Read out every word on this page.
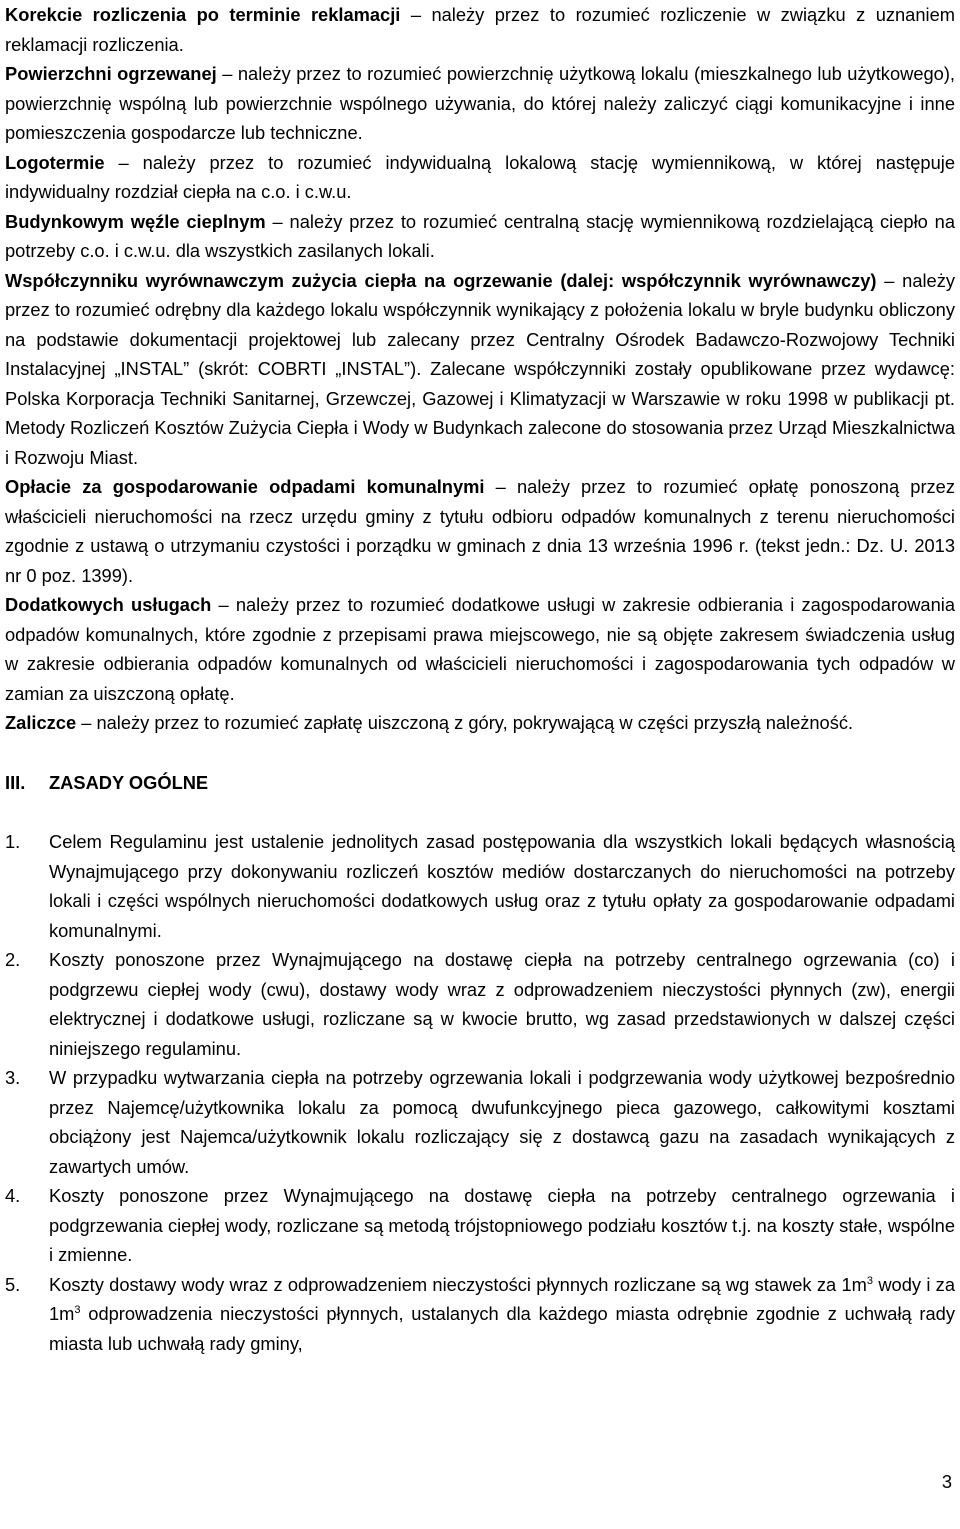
Korekcie rozliczenia po terminie reklamacji – należy przez to rozumieć rozliczenie w związku z uznaniem reklamacji rozliczenia.

Powierzchni ogrzewanej – należy przez to rozumieć powierzchnię użytkową lokalu (mieszkalnego lub użytkowego), powierzchnię wspólną lub powierzchnie wspólnego używania, do której należy zaliczyć ciągi komunikacyjne i inne pomieszczenia gospodarcze lub techniczne.

Logotermie – należy przez to rozumieć indywidualną lokalową stację wymiennikową, w której następuje indywidualny rozdział ciepła na c.o. i c.w.u.

Budynkowym węźle cieplnym – należy przez to rozumieć centralną stację wymiennikową rozdzielającą ciepło na potrzeby c.o. i c.w.u. dla wszystkich zasilanych lokali.

Współczynniku wyrównawczym zużycia ciepła na ogrzewanie (dalej: współczynnik wyrównawczy) – należy przez to rozumieć odrębny dla każdego lokalu współczynnik wynikający z położenia lokalu w bryle budynku obliczony na podstawie dokumentacji projektowej lub zalecany przez Centralny Ośrodek Badawczo-Rozwojowy Techniki Instalacyjnej „INSTAL” (skrót: COBRTI „INSTAL”). Zalecane współczynniki zostały opublikowane przez wydawcę: Polska Korporacja Techniki Sanitarnej, Grzewczej, Gazowej i Klimatyzacji w Warszawie w roku 1998 w publikacji pt. Metody Rozliczeń Kosztów Zużycia Ciepła i Wody w Budynkach zalecone do stosowania przez Urząd Mieszkalnictwa i Rozwoju Miast.

Opłacie za gospodarowanie odpadami komunalnymi – należy przez to rozumieć opłatę ponoszoną przez właścicieli nieruchomości na rzecz urzędu gminy z tytułu odbioru odpadów komunalnych z terenu nieruchomości zgodnie z ustawą o utrzymaniu czystości i porządku w gminach z dnia 13 września 1996 r. (tekst jedn.: Dz. U. 2013 nr 0 poz. 1399).

Dodatkowych usługach – należy przez to rozumieć dodatkowe usługi w zakresie odbierania i zagospodarowania odpadów komunalnych, które zgodnie z przepisami prawa miejscowego, nie są objęte zakresem świadczenia usług w zakresie odbierania odpadów komunalnych od właścicieli nieruchomości i zagospodarowania tych odpadów w zamian za uiszczoną opłatę.

Zaliczce – należy przez to rozumieć zapłatę uiszczoną z góry, pokrywającą w części przyszłą należność.

III.	ZASADY OGÓLNE
1.	Celem Regulaminu jest ustalenie jednolitych zasad postępowania dla wszystkich lokali będących własnością Wynajmującego przy dokonywaniu rozliczeń kosztów mediów dostarczanych do nieruchomości na potrzeby lokali i części wspólnych nieruchomości dodatkowych usług oraz z tytułu opłaty za gospodarowanie odpadami komunalnymi.
2.	Koszty ponoszone przez Wynajmującego na dostawę ciepła na potrzeby centralnego ogrzewania (co) i podgrzewu ciepłej wody (cwu), dostawy wody wraz z odprowadzeniem nieczystości płynnych (zw), energii elektrycznej i dodatkowe usługi, rozliczane są w kwocie brutto, wg zasad przedstawionych w dalszej części niniejszego regulaminu.
3.	W przypadku wytwarzania ciepła na potrzeby ogrzewania lokali i podgrzewania wody użytkowej bezpośrednio przez Najemcę/użytkownika lokalu za pomocą dwufunkcyjnego pieca gazowego, całkowitymi kosztami obciążony jest Najemca/użytkownik lokalu rozliczający się z dostawcą gazu na zasadach wynikających z zawartych umów.
4.	Koszty ponoszone przez Wynajmującego na dostawę ciepła na potrzeby centralnego ogrzewania i podgrzewania ciepłej wody, rozliczane są metodą trójstopniowego podziału kosztów t.j. na koszty stałe, wspólne i zmienne.
5.	Koszty dostawy wody wraz z odprowadzeniem nieczystości płynnych rozliczane są wg stawek za $1m^3$ wody i za $1m^3$ odprowadzenia nieczystości płynnych, ustalanych dla każdego miasta odrębnie zgodnie z uchwałą rady miasta lub uchwałą rady gminy,
3
